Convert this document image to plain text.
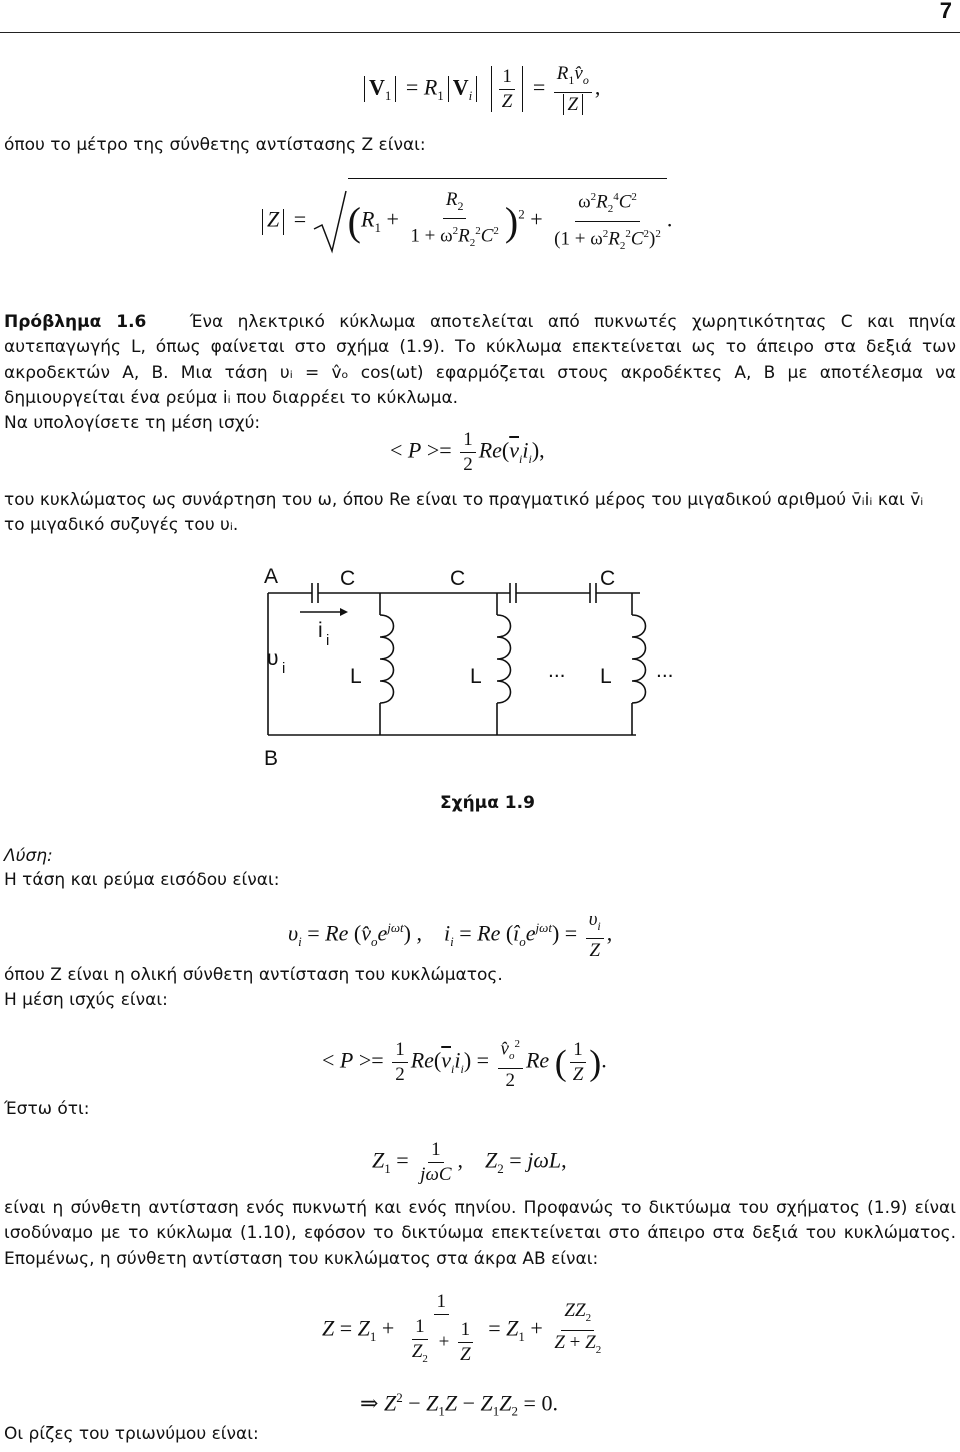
7
$V_1 = R_1$ $V_i \frac{1}{Z} = \frac{R_1v̂_o}{Z}$ ,
όπου το μέτρο της σύνθετης αντίστασης Z είναι:
$Z = (R_1 + \frac{R_2}{1 + \omega^2R_2^2C^2} )^2 + \frac{\omega^2R_2^4C^2}{(1 + \omega^2R_2^2C^2)^2}$ .
Πρόβλημα 1.6	Ένα ηλεκτρικό κύκλωμα αποτελείται από πυκνωτές χωρητικότητας C και πηνία αυτεπαγωγής L, όπως φαίνεται στο σχήμα (1.9). Το κύκλωμα επεκτείνεται ως το άπειρο στα δεξιά των ακροδεκτών Α, Β. Μια τάση υᵢ = v̂ₒ cos(ωt) εφαρμόζεται στους ακροδέκτες Α, Β με αποτέλεσμα να δημιουργείται ένα ρεύμα iᵢ που διαρρέει το κύκλωμα.
Να υπολογίσετε τη μέση ισχύ:
< $P >= \frac{1}{2} Re(\overline{v}_ii_i)$,
του κυκλώματος ως συνάρτηση του ω, όπου Re είναι το πραγματικό μέρος του μιγαδικού αριθμού v̄ᵢiᵢ και v̄ᵢ
το μιγαδικό συζυγές του υᵢ.
A
B
C	C	C
L	L	L
υ i
i i
...	...
Σχήμα 1.9
Λύση:
Η τάση και ρεύμα εισόδου είναι:
$\upsilon_i = Re$ $(v̂_oe^{j\omega t})$ ,    $i_i = Re$ $(î_oe^{j\omega t}) = \frac{\upsilon_i}{Z}$ ,
όπου Z είναι η ολική σύνθετη αντίσταση του κυκλώματος.
Η μέση ισχύς είναι:
< $P >= \frac{1}{2} Re(\overline{v}_ii_i) = \frac{v̂_o^2}{2}$ Re ( $\frac{1}{Z}$ ).
Έστω ότι:
$Z_1 = \frac{1}{\text{jωC}}$ ,    $Z_2 = j\omega L$,
είναι η σύνθετη αντίσταση ενός πυκνωτή και ενός πηνίου. Προφανώς το δικτύωμα του σχήματος (1.9) είναι ισοδύναμο με το κύκλωμα (1.10), εφόσον το δικτύωμα επεκτείνεται στο άπειρο στα δεξιά του κυκλώματος. Επομένως, η σύνθετη αντίσταση του κυκλώματος στα άκρα AB είναι:
$Z = Z_1 + \frac{1}{\frac{1}{Z_2} + \frac{1}{Z}} = Z_1 + \frac{ZZ_2}{Z + Z_2}$
⇒ $Z^2 - Z_1Z - Z_1Z_2 = 0$.
Οι ρίζες του τριωνύμου είναι:
